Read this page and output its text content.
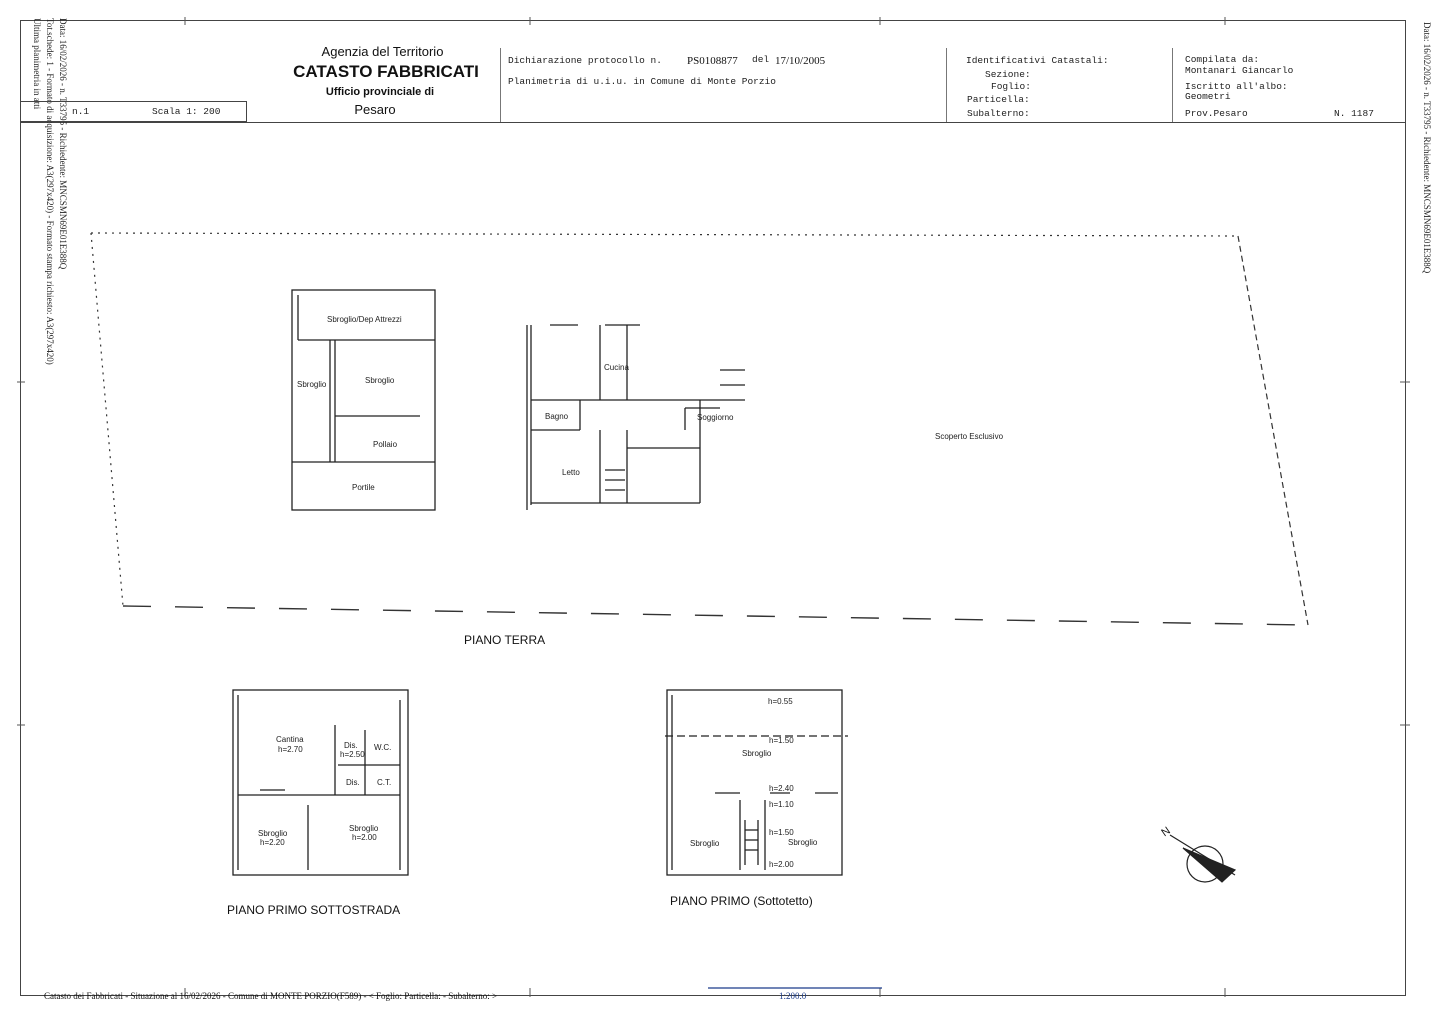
Data: 16/02/2026 - n. T33795 - Richiedente: MNCSMN69E01E388Q
Tot.schede: 1 - Formato di acquisizione: A3(297x420) - Formato stampa richiesto: A3(297x420)
Ultima planimetria in atti	Data: 16/02/2026 - n. T33795 - Richiedente: MNCSMN69E01E388Q
Agenzia del Territorio
CATASTO FABBRICATI
Ufficio provinciale di
Pesaro
n.1	Scala 1: 200
Dichiarazione protocollo n. PS0108877 del 17/10/2005
Planimetria di u.i.u. in Comune di Monte Porzio
Identificativi Catastali:
Sezione:
Foglio:
Particella:
Subalterno:
Compilata da:
Montanari Giancarlo
Iscritto all'albo:
Geometri
Prov.Pesaro	N. 1187
Sbroglio/Dep Attrezzi
Sbroglio	Sbroglio
Pollaio
Portile
Cucina
Bagno	Soggiorno
Letto
Scoperto Esclusivo
PIANO TERRA
Cantina
h=2.70	Dis.
h=2.50
W.C.
Dis. C.T.
Sbroglio
h=2.20
Sbroglio
h=2.00
PIANO PRIMO SOTTOSTRADA
h=0.55
h=1.50
Sbroglio
h=2.40
h=1.10
h=1.50
Sbroglio	Sbroglio
h=2.00
PIANO PRIMO (Sottotetto)
N
Catasto dei Fabbricati - Situazione al 16/02/2026 - Comune di MONTE PORZIO(F589) - < Foglio: Particella: - Subalterno: >	1:200.0
